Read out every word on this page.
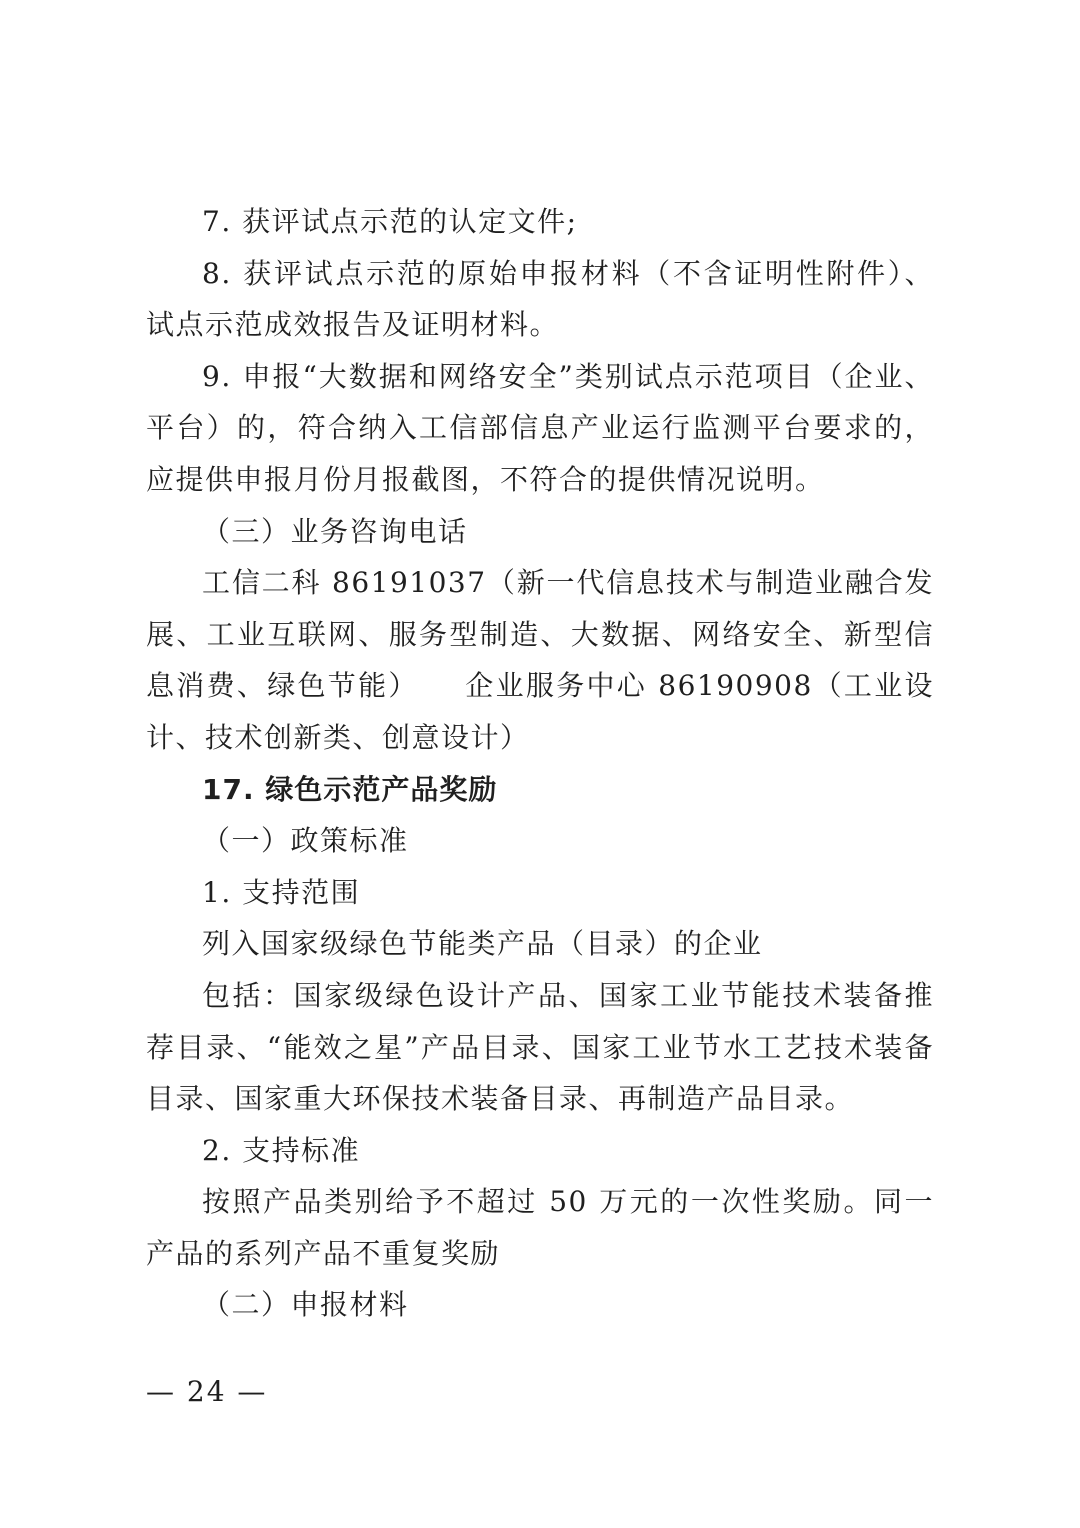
7. 获评试点示范的认定文件;

8. 获评试点示范的原始申报材料（不含证明性附件）、试点示范成效报告及证明材料。

9. 申报“大数据和网络安全”类别试点示范项目（企业、平台）的，符合纳入工信部信息产业运行监测平台要求的，应提供申报月份月报截图，不符合的提供情况说明。

（三）业务咨询电话

工信二科 86191037（新一代信息技术与制造业融合发展、工业互联网、服务型制造、大数据、网络安全、新型信息消费、绿色节能）　　企业服务中心 86190908（工业设计、技术创新类、创意设计）

17. 绿色示范产品奖励

（一）政策标准

1. 支持范围

列入国家级绿色节能类产品（目录）的企业

包括：国家级绿色设计产品、国家工业节能技术装备推荐目录、“能效之星”产品目录、国家工业节水工艺技术装备目录、国家重大环保技术装备目录、再制造产品目录。

2. 支持标准

按照产品类别给予不超过 50 万元的一次性奖励。同一产品的系列产品不重复奖励

（二）申报材料

— 24 —
